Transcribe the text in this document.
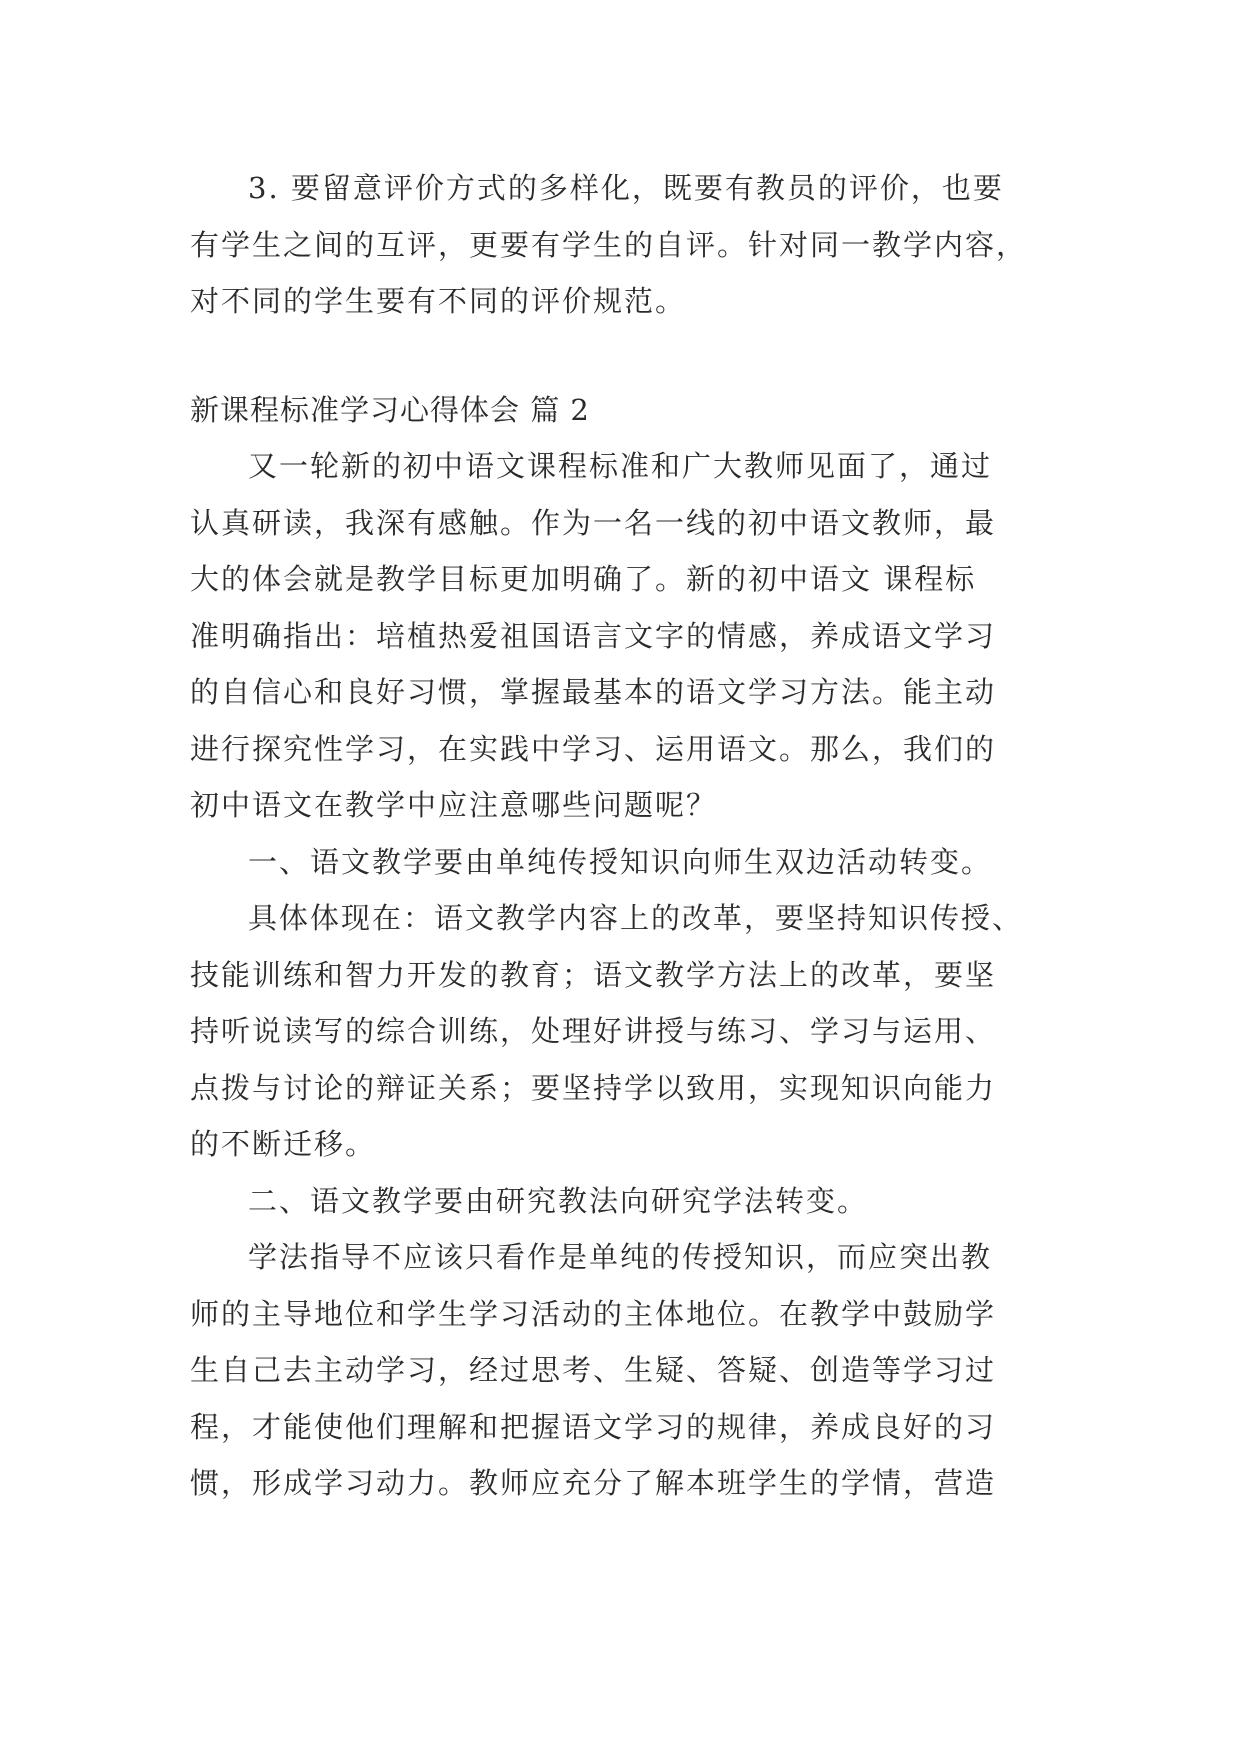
3. 要留意评价方式的多样化，既要有教员的评价，也要
有学生之间的互评，更要有学生的自评。针对同一教学内容，
对不同的学生要有不同的评价规范。

新课程标准学习心得体会 篇 2

又一轮新的初中语文课程标准和广大教师见面了，通过
认真研读，我深有感触。作为一名一线的初中语文教师，最
大的体会就是教学目标更加明确了。新的初中语文 课程标
准明确指出：培植热爱祖国语言文字的情感，养成语文学习
的自信心和良好习惯，掌握最基本的语文学习方法。能主动
进行探究性学习，在实践中学习、运用语文。那么，我们的
初中语文在教学中应注意哪些问题呢？

一、语文教学要由单纯传授知识向师生双边活动转变。

具体体现在：语文教学内容上的改革，要坚持知识传授、
技能训练和智力开发的教育；语文教学方法上的改革，要坚
持听说读写的综合训练，处理好讲授与练习、学习与运用、
点拨与讨论的辩证关系；要坚持学以致用，实现知识向能力
的不断迁移。

二、语文教学要由研究教法向研究学法转变。

学法指导不应该只看作是单纯的传授知识，而应突出教
师的主导地位和学生学习活动的主体地位。在教学中鼓励学
生自己去主动学习，经过思考、生疑、答疑、创造等学习过
程，才能使他们理解和把握语文学习的规律，养成良好的习
惯，形成学习动力。教师应充分了解本班学生的学情，营造
